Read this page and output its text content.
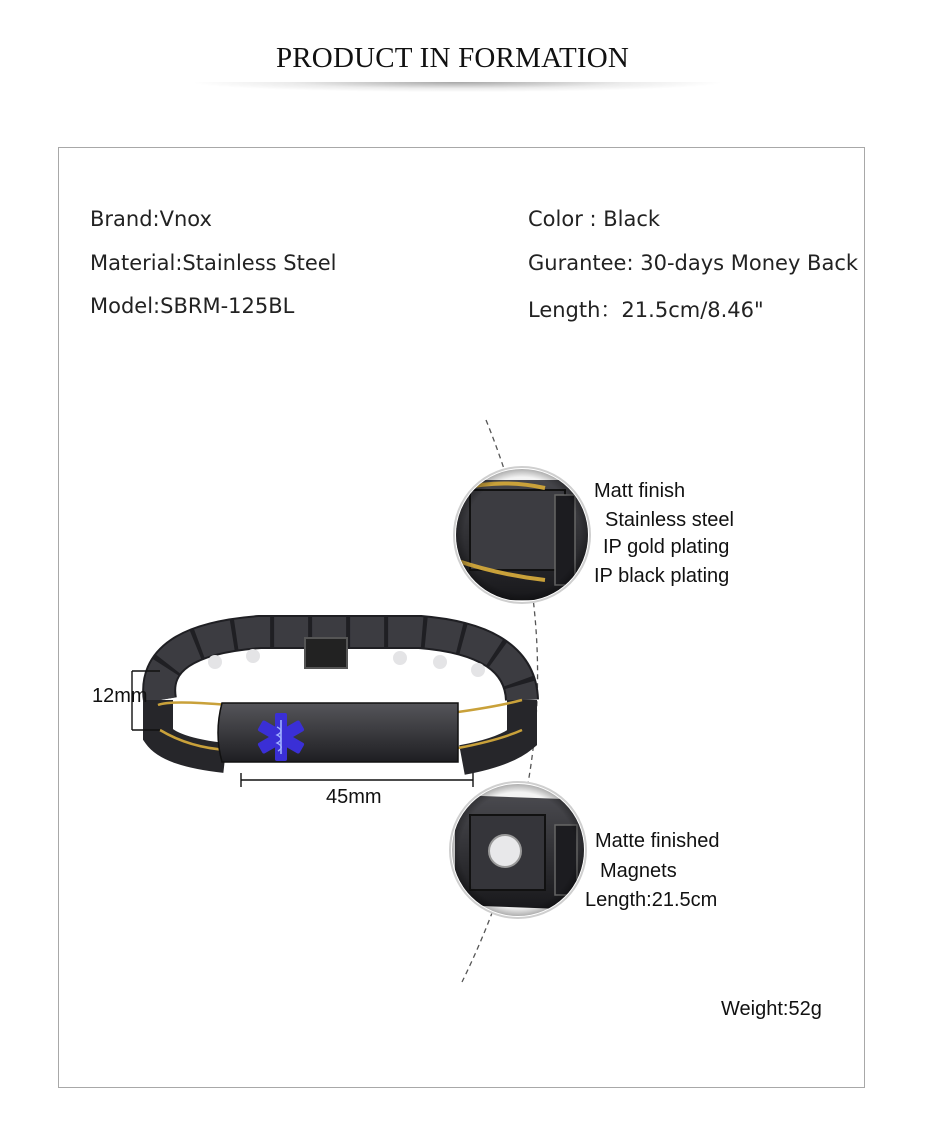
PRODUCT IN FORMATION
Brand:Vnox
Material:Stainless Steel
Model:SBRM-125BL
Color : Black
Gurantee: 30-days Money Back
Length：21.5cm/8.46"
12mm
45mm
Matt finish
Stainless steel
IP gold plating
IP black plating
Matte finished
Magnets
Length:21.5cm
Weight:52g
